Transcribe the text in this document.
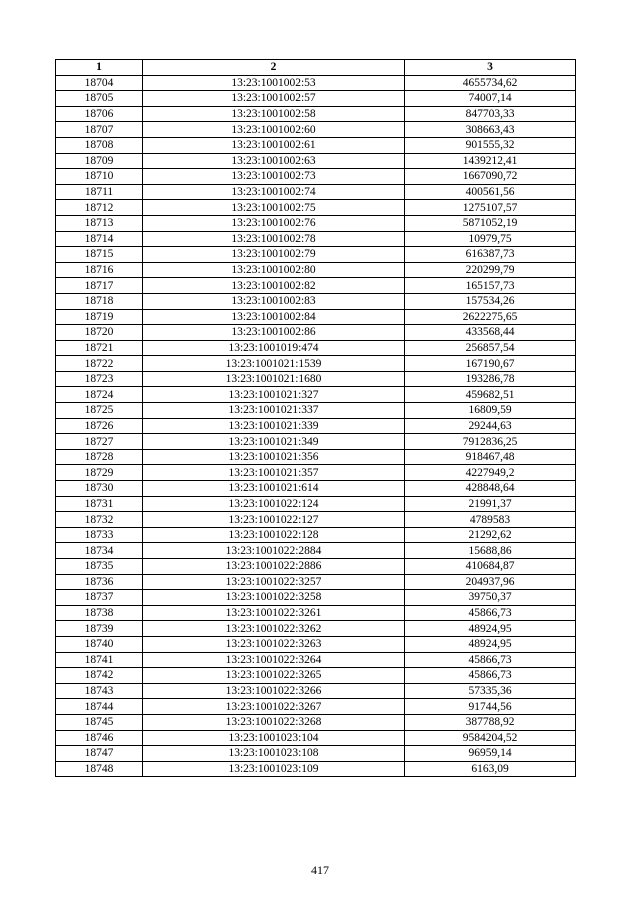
1	2	3
18704	13:23:1001002:53	4655734,62
18705	13:23:1001002:57	74007,14
18706	13:23:1001002:58	847703,33
18707	13:23:1001002:60	308663,43
18708	13:23:1001002:61	901555,32
18709	13:23:1001002:63	1439212,41
18710	13:23:1001002:73	1667090,72
18711	13:23:1001002:74	400561,56
18712	13:23:1001002:75	1275107,57
18713	13:23:1001002:76	5871052,19
18714	13:23:1001002:78	10979,75
18715	13:23:1001002:79	616387,73
18716	13:23:1001002:80	220299,79
18717	13:23:1001002:82	165157,73
18718	13:23:1001002:83	157534,26
18719	13:23:1001002:84	2622275,65
18720	13:23:1001002:86	433568,44
18721	13:23:1001019:474	256857,54
18722	13:23:1001021:1539	167190,67
18723	13:23:1001021:1680	193286,78
18724	13:23:1001021:327	459682,51
18725	13:23:1001021:337	16809,59
18726	13:23:1001021:339	29244,63
18727	13:23:1001021:349	7912836,25
18728	13:23:1001021:356	918467,48
18729	13:23:1001021:357	4227949,2
18730	13:23:1001021:614	428848,64
18731	13:23:1001022:124	21991,37
18732	13:23:1001022:127	4789583
18733	13:23:1001022:128	21292,62
18734	13:23:1001022:2884	15688,86
18735	13:23:1001022:2886	410684,87
18736	13:23:1001022:3257	204937,96
18737	13:23:1001022:3258	39750,37
18738	13:23:1001022:3261	45866,73
18739	13:23:1001022:3262	48924,95
18740	13:23:1001022:3263	48924,95
18741	13:23:1001022:3264	45866,73
18742	13:23:1001022:3265	45866,73
18743	13:23:1001022:3266	57335,36
18744	13:23:1001022:3267	91744,56
18745	13:23:1001022:3268	387788,92
18746	13:23:1001023:104	9584204,52
18747	13:23:1001023:108	96959,14
18748	13:23:1001023:109	6163,09
417
